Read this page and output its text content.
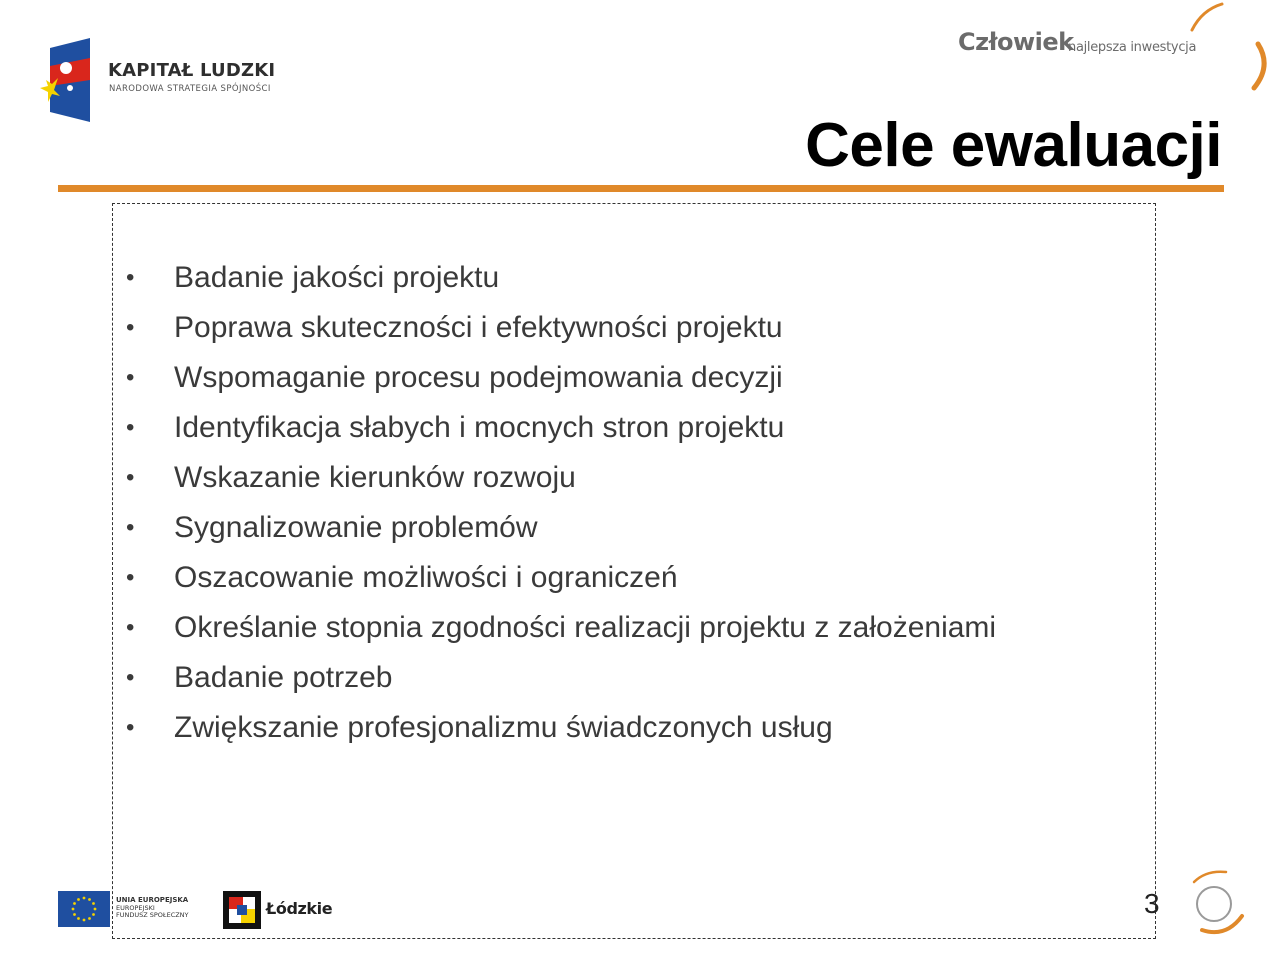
KAPITAŁ LUDZKI
NARODOWA STRATEGIA SPÓJNOŚCI
Człowiek
najlepsza inwestycja
Cele ewaluacji
• Badanie jakości projektu
• Poprawa skuteczności i efektywności projektu
• Wspomaganie procesu podejmowania decyzji
• Identyfikacja słabych i mocnych stron projektu
• Wskazanie kierunków rozwoju
• Sygnalizowanie problemów
• Oszacowanie możliwości i ograniczeń
• Określanie stopnia zgodności realizacji projektu z założeniami
• Badanie potrzeb
• Zwiększanie profesjonalizmu świadczonych usług
UNIA EUROPEJSKA
EUROPEJSKI
FUNDUSZ SPOŁECZNY	Łódzkie	3
